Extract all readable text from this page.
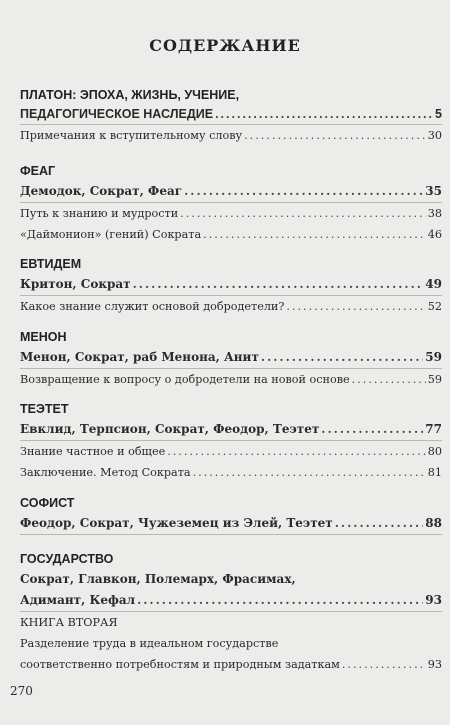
СОДЕРЖАНИЕ
ПЛАТОН: ЭПОХА, ЖИЗНЬ, УЧЕНИЕ,
ПЕДАГОГИЧЕСКОЕ НАСЛЕДИЕ .....	5
Примечания к вступительному слову .....	30
ФЕАГ
Демодок, Сократ, Феаг .....	35
Путь к знанию и мудрости .....	38
«Даймонион» (гений) Сократа .....	46
ЕВТИДЕМ
Критон, Сократ .....	49
Какое знание служит основой добродетели? .....	52
МЕНОН
Менон, Сократ, раб Менона, Анит .....	59
Возвращение к вопросу о добродетели на новой основе .....	59
ТЕЭТЕТ
Евклид, Терпсион, Сократ, Феодор, Теэтет .....	77
Знание частное и общее .....	80
Заключение. Метод Сократа .....	81
СОФИСТ
Феодор, Сократ, Чужеземец из Элей, Теэтет .....	88
ГОСУДАРСТВО
Сократ, Главкон, Полемарх, Фрасимах,
Адимант, Кефал .....	93
КНИГА ВТОРАЯ
Разделение труда в идеальном государстве
соответственно потребностям и природным задаткам .....	93
270
